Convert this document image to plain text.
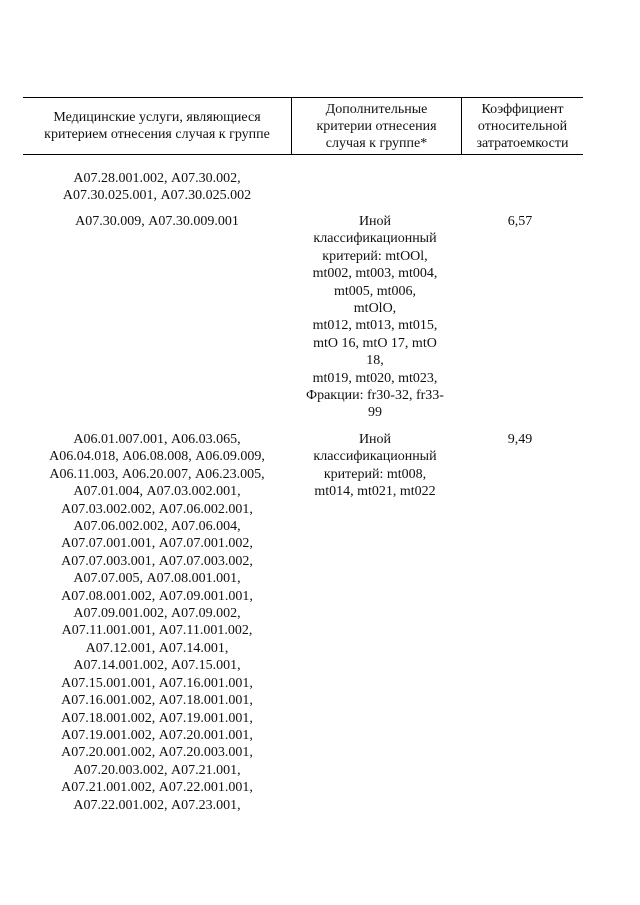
Медицинские услуги, являющиеся
критерием отнесения случая к группе
Дополнительные
критерии отнесения
случая к группе*
Коэффициент
относительной
затратоемкости
А07.28.001.002, А07.30.002,
А07.30.025.001, А07.30.025.002
А07.30.009, А07.30.009.001	Иной
классификационный
критерий: mtOOl,
mt002, mt003, mt004,
mt005, mt006,
mtOlO,
mt012, mt013, mt015,
mtO 16, mtO 17, mtO
18,
mt019, mt020, mt023,
Фракции: fr30-32, fr33-
99
6,57
А06.01.007.001, А06.03.065,
А06.04.018, А06.08.008, А06.09.009,
А06.11.003, А06.20.007, А06.23.005,
А07.01.004, А07.03.002.001,
А07.03.002.002, А07.06.002.001,
А07.06.002.002, А07.06.004,
А07.07.001.001, А07.07.001.002,
А07.07.003.001, А07.07.003.002,
А07.07.005, А07.08.001.001,
А07.08.001.002, А07.09.001.001,
А07.09.001.002, А07.09.002,
А07.11.001.001, А07.11.001.002,
А07.12.001, А07.14.001,
А07.14.001.002, А07.15.001,
А07.15.001.001, А07.16.001.001,
А07.16.001.002, А07.18.001.001,
А07.18.001.002, А07.19.001.001,
А07.19.001.002, А07.20.001.001,
А07.20.001.002, А07.20.003.001,
А07.20.003.002, А07.21.001,
А07.21.001.002, А07.22.001.001,
А07.22.001.002, А07.23.001,
Иной
классификационный
критерий: mt008,
mt014, mt021, mt022
9,49
